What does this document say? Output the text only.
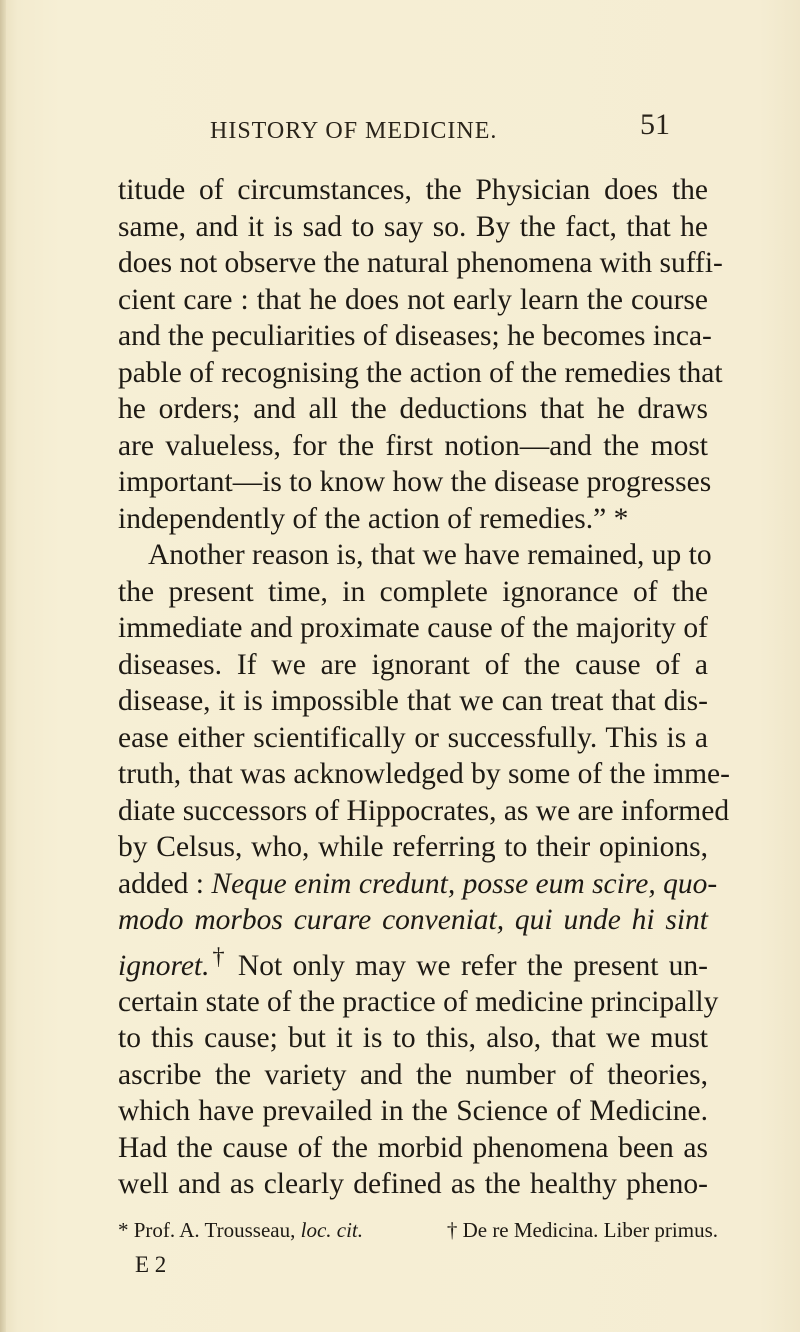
HISTORY OF MEDICINE.	51
titude of circumstances, the Physician does the
same, and it is sad to say so. By the fact, that he
does not observe the natural phenomena with suffi-
cient care : that he does not early learn the course
and the peculiarities of diseases; he becomes inca-
pable of recognising the action of the remedies that
he orders; and all the deductions that he draws
are valueless, for the first notion—and the most
important—is to know how the disease progresses
independently of the action of remedies.” *
Another reason is, that we have remained, up to
the present time, in complete ignorance of the
immediate and proximate cause of the majority of
diseases. If we are ignorant of the cause of a
disease, it is impossible that we can treat that dis-
ease either scientifically or successfully. This is a
truth, that was acknowledged by some of the imme-
diate successors of Hippocrates, as we are informed
by Celsus, who, while referring to their opinions,
added : Neque enim credunt, posse eum scire, quo-
modo morbos curare conveniat, qui unde hi sint
ignoret.† Not only may we refer the present un-
certain state of the practice of medicine principally
to this cause; but it is to this, also, that we must
ascribe the variety and the number of theories,
which have prevailed in the Science of Medicine.
Had the cause of the morbid phenomena been as
well and as clearly defined as the healthy pheno-
* Prof. A. Trousseau, loc. cit.	† De re Medicina. Liber primus.
E 2
